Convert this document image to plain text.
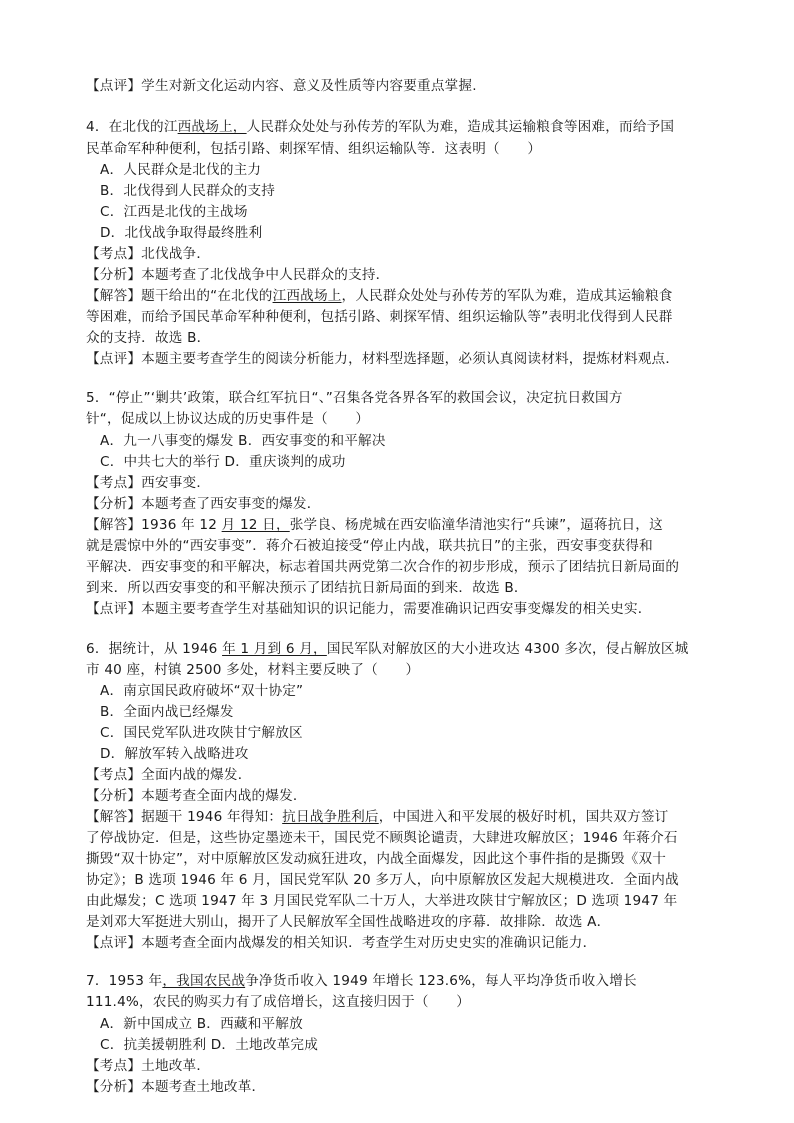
【点评】学生对新文化运动内容、意义及性质等内容要重点掌握.
4．在北伐的江西战场上，人民群众处处与孙传芳的军队为难，造成其运输粮食等困难，而给予国
民革命军种种便利，包括引路、刺探军情、组织运输队等．这表明（　　）
A．人民群众是北伐的主力
B．北伐得到人民群众的支持
C．江西是北伐的主战场
D．北伐战争取得最终胜利
【考点】北伐战争．
【分析】本题考查了北伐战争中人民群众的支持．
【解答】题干给出的“在北伐的江西战场上，人民群众处处与孙传芳的军队为难，造成其运输粮食
等困难，而给予国民革命军种种便利，包括引路、刺探军情、组织运输队等”表明北伐得到人民群
众的支持．故选 B．
【点评】本题主要考查学生的阅读分析能力，材料型选择题，必须认真阅读材料，提炼材料观点．
5．“停止”‘剿共’政策，联合红军抗日“、”召集各党各界各军的救国会议，决定抗日救国方
针“，促成以上协议达成的历史事件是（　　）
A．九一八事变的爆发 B．西安事变的和平解决
C．中共七大的举行 D．重庆谈判的成功
【考点】西安事变．
【分析】本题考查了西安事变的爆发．
【解答】1936 年 12 月 12 日，张学良、杨虎城在西安临潼华清池实行“兵谏”，逼蒋抗日，这
就是震惊中外的“西安事变”．蒋介石被迫接受“停止内战，联共抗日”的主张，西安事变获得和
平解决．西安事变的和平解决，标志着国共两党第二次合作的初步形成，预示了团结抗日新局面的
到来．所以西安事变的和平解决预示了团结抗日新局面的到来．故选 B．
【点评】本题主要考查学生对基础知识的识记能力，需要准确识记西安事变爆发的相关史实．
6．据统计，从 1946 年 1 月到 6 月，国民军队对解放区的大小进攻达 4300 多次，侵占解放区城
市 40 座，村镇 2500 多处，材料主要反映了（　　）
A．南京国民政府破坏“双十协定”
B．全面内战已经爆发
C．国民党军队进攻陕甘宁解放区
D．解放军转入战略进攻
【考点】全面内战的爆发．
【分析】本题考查全面内战的爆发．
【解答】据题干 1946 年得知：抗日战争胜利后，中国进入和平发展的极好时机，国共双方签订
了停战协定．但是，这些协定墨迹未干，国民党不顾舆论谴责，大肆进攻解放区；1946 年蒋介石
撕毁“双十协定”，对中原解放区发动疯狂进攻，内战全面爆发，因此这个事件指的是撕毁《双十
协定》；B 选项 1946 年 6 月，国民党军队 20 多万人，向中原解放区发起大规模进攻．全面内战
由此爆发；C 选项 1947 年 3 月国民党军队二十万人，大举进攻陕甘宁解放区；D 选项 1947 年
是刘邓大军挺进大别山，揭开了人民解放军全国性战略进攻的序幕．故排除．故选 A．
【点评】本题考查全面内战爆发的相关知识．考查学生对历史史实的准确识记能力．
7．1953 年，我国农民战争净货币收入 1949 年增长 123.6%，每人平均净货币收入增长
111.4%，农民的购买力有了成倍增长，这直接归因于（　　）
A．新中国成立 B．西藏和平解放
C．抗美援朝胜利 D．土地改革完成
【考点】土地改革．
【分析】本题考查土地改革．
